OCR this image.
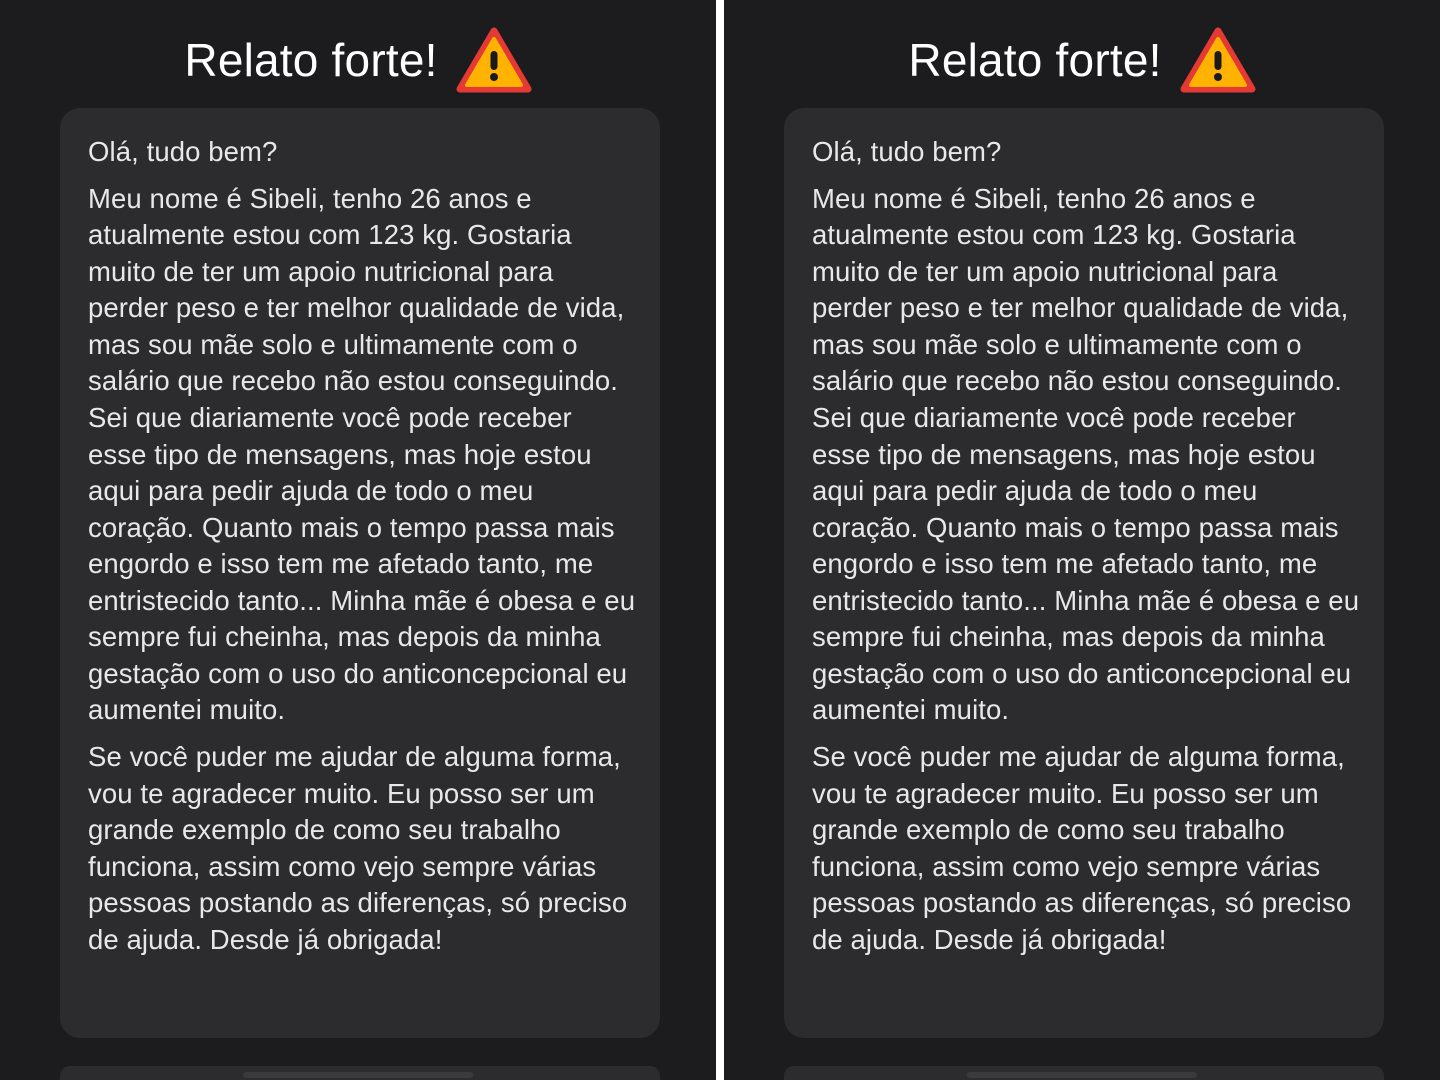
Relato forte!

Olá, tudo bem?

Meu nome é Sibeli, tenho 26 anos e atualmente estou com 123 kg. Gostaria muito de ter um apoio nutricional para perder peso e ter melhor qualidade de vida, mas sou mãe solo e ultimamente com o salário que recebo não estou conseguindo. Sei que diariamente você pode receber esse tipo de mensagens, mas hoje estou aqui para pedir ajuda de todo o meu coração. Quanto mais o tempo passa mais engordo e isso tem me afetado tanto, me entristecido tanto... Minha mãe é obesa e eu sempre fui cheinha, mas depois da minha gestação com o uso do anticoncepcional eu aumentei muito.

Se você puder me ajudar de alguma forma, vou te agradecer muito. Eu posso ser um grande exemplo de como seu trabalho funciona, assim como vejo sempre várias pessoas postando as diferenças, só preciso de ajuda. Desde já obrigada!

Relato forte!

Olá, tudo bem?

Meu nome é Sibeli, tenho 26 anos e atualmente estou com 123 kg. Gostaria muito de ter um apoio nutricional para perder peso e ter melhor qualidade de vida, mas sou mãe solo e ultimamente com o salário que recebo não estou conseguindo. Sei que diariamente você pode receber esse tipo de mensagens, mas hoje estou aqui para pedir ajuda de todo o meu coração. Quanto mais o tempo passa mais engordo e isso tem me afetado tanto, me entristecido tanto... Minha mãe é obesa e eu sempre fui cheinha, mas depois da minha gestação com o uso do anticoncepcional eu aumentei muito.

Se você puder me ajudar de alguma forma, vou te agradecer muito. Eu posso ser um grande exemplo de como seu trabalho funciona, assim como vejo sempre várias pessoas postando as diferenças, só preciso de ajuda. Desde já obrigada!
